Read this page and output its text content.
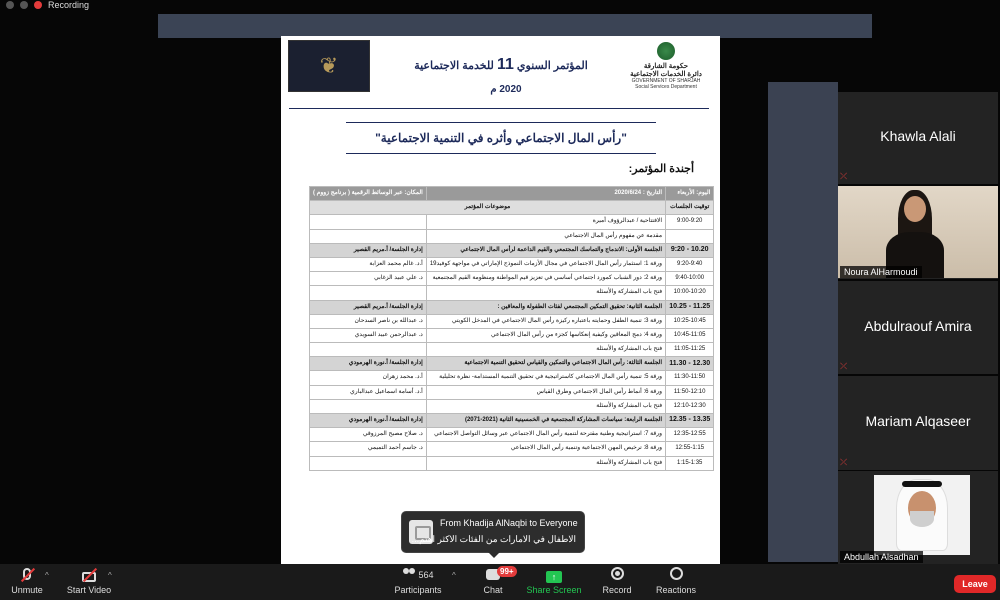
Recording
❦	حكومة الشارقة
دائرة الخدمات الاجتماعية
GOVERNMENT OF SHARJAH
Social Services Department
المؤتمر السنوي 11 للخدمة الاجتماعية
2020 م
"رأس المال الاجتماعي وأثره في التنمية الاجتماعية"
أجندة المؤتمر:
اليوم: الأربعاء	التاريخ : 2020/6/24	المكان: عبر الوسائط الرقمية ( برنامج زووم )
توقيت الجلسات	موضوعات المؤتمر	
9:00-9:20	الافتتاحية / عبدالرؤوف أميرة	
	مقدمة عن مفهوم رأس المال الاجتماعي	
9:20 - 10.20	الجلسة الأولى: الاندماج والتماسك المجتمعي والقيم الداعمة لرأس المال الاجتماعي	إدارة الجلسة/ أ.مريم القصير
9:20-9:40	ورقة 1: استثمار رأس المال الاجتماعي في مجال الأزمات النموذج الإماراتي في مواجهة كوفيد19	أ.د. غالم محمد العزابة
9:40-10:00	ورقة 2: دور الشباب كمورد اجتماعي أساسي في تعزيز قيم المواطنة ومنظومة القيم المجتمعية	د. علي عبيد الزغابي
10:00-10:20	فتح باب المشاركة والأسئلة	
10.25 - 11.25	الجلسة الثانية: تحقيق التمكين المجتمعي لفئات الطفولة والمعاقين :	إدارة الجلسة/ أ.مريم القصير
10:25-10:45	ورقة 3: تنمية الطفل وحمايته باعتباره ركيزة رأس المال الاجتماعي في المدخل الكويتي	د. عبدالله بن ناصر السدحان
10:45-11:05	ورقة 4: دمج المعاقين وكيفية إنعكاسها كجزء من رأس المال الاجتماعي	د. عبدالرحمن عبيد السويدي
11:05-11:25	فتح باب المشاركة والأسئلة	
11.30 - 12.30	الجلسة الثالثة: رأس المال الاجتماعي والتمكين والقياس لتحقيق التنمية الاجتماعية	إدارة الجلسة/ أ.نورة الهرمودي
11:30-11:50	ورقة 5: تنمية رأس المال الاجتماعي كاستراتيجية في تحقيق التنمية المستدامة- نظرة تحليلية	أ.د. محمد زهران
11:50-12:10	ورقة 6: أنماط رأس المال الاجتماعي وطرق القياس	أ.د. أسامة اسماعيل عبدالباري
12:10-12:30	فتح باب المشاركة والأسئلة	
12.35 - 13.35	الجلسة الرابعة: سياسات المشاركة المجتمعية في الخمسينية الثانية (2021-2071)	إدارة الجلسة/ أ.نورة الهرمودي
12:35-12:55	ورقة 7: استراتيجية وطنية مقترحة لتنمية رأس المال الاجتماعي عبر وسائل التواصل الاجتماعي	د. صلاح مصيح المرزوقي
12:55-1:15	ورقة 8: ترخيص المهن الاجتماعية وتنمية رأس المال الاجتماعي	د. جاسم أحمد التميمي
1:15-1:35	فتح باب المشاركة والأسئلة	
Khawla Alali
⤫
Noura AlHarmoudi
Abdulraouf Amira
⤫
Mariam Alqaseer
⤫
Abdullah Alsadhan
From Khadija AlNaqbi to Everyone
الاطفال في الامارات من الفئات الاكثر اهتم...
Unmute
^
Start Video
^	$^{564}$
Participants
^
Chat
↑
Share Screen Record	Reactions
99+
Leave
